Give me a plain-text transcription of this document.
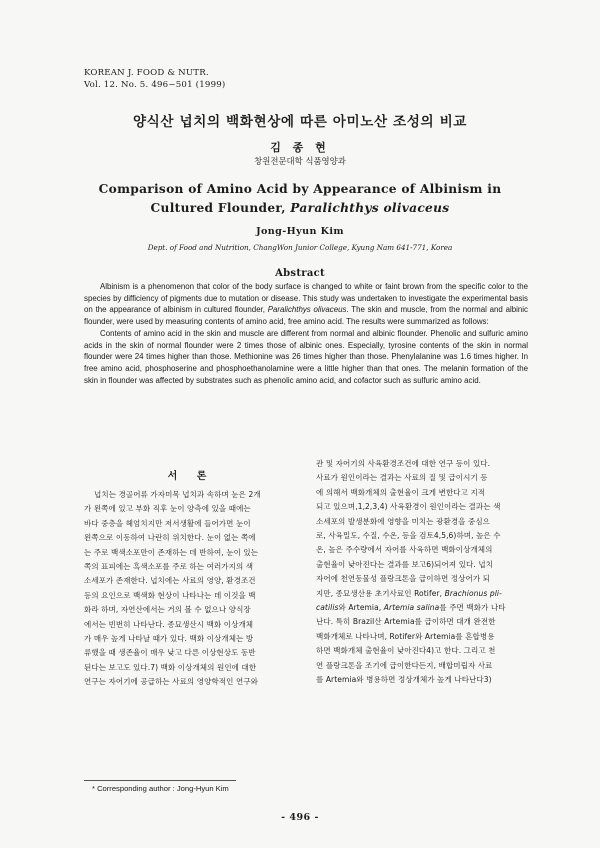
KOREAN J. FOOD & NUTR.
Vol. 12. No. 5. 496~501 (1999)
양식산 넙치의 백화현상에 따른 아미노산 조성의 비교
김 종 현
창원전문대학 식품영양과
Comparison of Amino Acid by Appearance of Albinism in
Cultured Flounder, Paralichthys olivaceus
Jong-Hyun Kim
Dept. of Food and Nutrition, ChangWon Junior College, Kyung Nam 641-771, Korea
Abstract

Albinism is a phenomenon that color of the body surface is changed to white or faint brown from the specific color to the species by difficiency of pigments due to mutation or disease. This study was undertaken to investigate the experimental basis on the appearance of albinism in cultured flounder, Paralichthys olivaceus. The skin and muscle, from the normal and albinic flounder, were used by measuring contents of amino acid, free amino acid. The results were summarized as follows:

Contents of amino acid in the skin and muscle are different from normal and albinic flounder. Phenolic and sulfuric amino acids in the skin of normal flounder were 2 times those of albinic ones. Especially, tyrosine contents of the skin in normal flounder were 24 times higher than those. Methionine was 26 times higher than those. Phenylalanine was 1.6 times higher. In free amino acid, phosphoserine and phosphoethanolamine were a little higher than that ones. The melanin formation of the skin in flounder was affected by substrates such as phenolic amino acid, and cofactor such as sulfuric amino acid.

서 론
넙치는 경골어류 가자미목 넙치과 속하며 눈은 2개
가 왼쪽에 있고 부화 직후 눈이 양측에 있을 때에는
바다 중층을 헤엄치지만 저서생활에 들어가면 눈이
왼쪽으로 이동하여 나란히 위치한다. 눈이 없는 쪽에
는 주로 백색소포만이 존재하는 데 반하여, 눈이 있는
쪽의 표피에는 흑색소포를 주로 하는 여러가지의 색
소세포가 존재한다. 넙치에는 사료의 영양, 환경조건
등의 요인으로 백색화 현상이 나타나는 데 이것을 백
화라 하며, 자연산에서는 거의 볼 수 없으나 양식장
에서는 빈번히 나타난다. 종묘생산시 백화 이상개체
가 매우 높게 나타날 때가 있다. 백화 이상개체는 방
류했을 때 생존율이 매우 낮고 다른 이상현상도 동반
된다는 보고도 있다.7) 백화 이상개체의 원인에 대한
연구는 자어기에 공급하는 사료의 영양학적인 연구와
관 및 자어기의 사육환경조건에 대한 연구 등이 있다.
사료가 원인이라는 결과는 사료의 질 및 급이시기 등
에 의해서 백화개체의 출현율이 크게 변한다고 지적
되고 있으며,1,2,3,4) 사육환경이 원인이라는 결과는 색
소세포의 발생분화에 영향을 미치는 광환경을 중심으
로, 사육밀도, 수질, 수온, 등을 검토4,5,6)하며, 높은 수
온, 높은 주수량에서 자어를 사육하면 백화이상개체의
출현율이 낮아진다는 결과를 보고6)되어져 있다. 넙치
자어에 천연동물성 플랑크톤을 급이하면 정상어가 되
지만, 종묘생산용 초기사료인 Rotifer, Brachionus pli-
catilis와 Artemia, Artemia salina를 주면 백화가 나타
난다. 특히 Brazil산 Artemia를 급이하면 대개 완전한
백화개체로 나타나며, Rotifer와 Artemia를 혼합병용
하면 백화개체 출현율이 낮아진다4)고 한다. 그리고 천
연 플랑크톤을 조기에 급이한다든지, 배합미립자 사료
를 Artemia와 병용하면 정상개체가 높게 나타난다3)
* Corresponding author : Jong-Hyun Kim
- 496 -
